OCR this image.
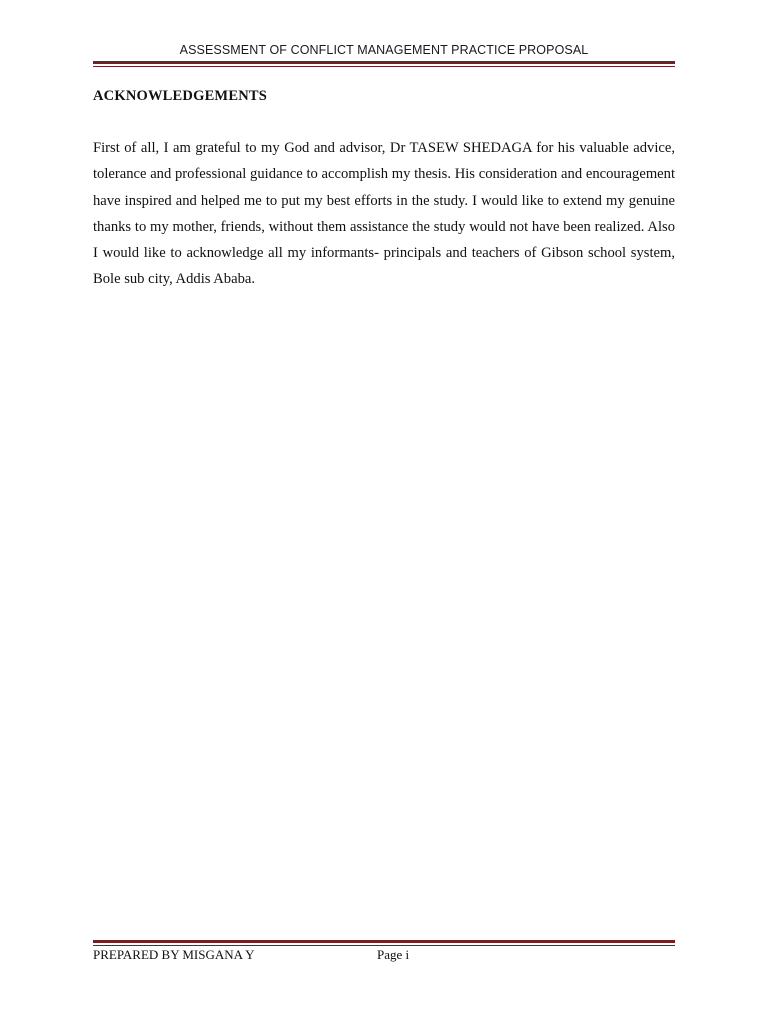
ASSESSMENT OF CONFLICT MANAGEMENT PRACTICE PROPOSAL
ACKNOWLEDGEMENTS

First of all, I am grateful to my God and advisor, Dr TASEW SHEDAGA for his valuable advice, tolerance and professional guidance to accomplish my thesis. His consideration and encouragement have inspired and helped me to put my best efforts in the study. I would like to extend my genuine thanks to my mother, friends, without them assistance the study would not have been realized. Also I would like to acknowledge all my informants- principals and teachers of Gibson school system, Bole sub city, Addis Ababa.

PREPARED BY MISGANA Y	Page i
